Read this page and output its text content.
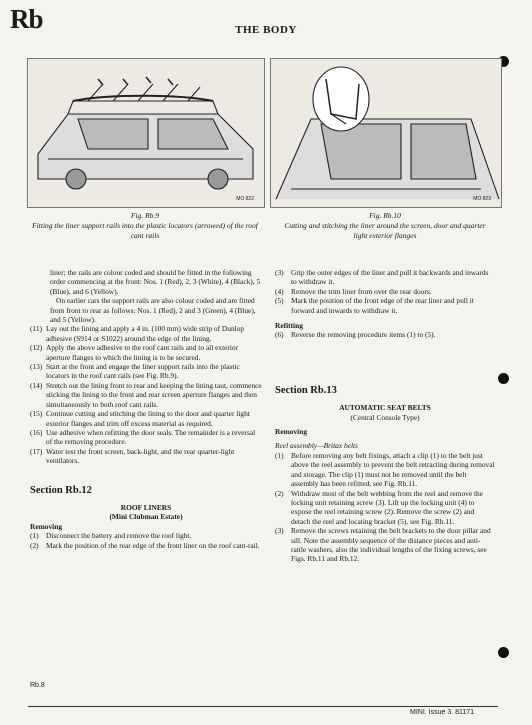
Rb	THE BODY
MO 822
Fig. Rb.9
Fitting the liner support rails into the plastic locators (arrowed) of the roof cant rails
MO 823
Fig. Rb.10
Cutting and stitching the liner around the screen, door and quarter light exterior flanges
liner; the rails are colour coded and should be fitted in the following order commencing at the front: Nos. 1 (Red), 2, 3 (White), 4 (Black), 5 (Blue), and 6 (Yellow).
On earlier cars the support rails are also colour coded and are fitted from front to rear as follows: Nos. 1 (Red), 2 and 3 (Green), 4 (Blue), and 5 (Yellow).
(11) Lay out the lining and apply a 4 in. (100 mm) wide strip of Dunlop adhesive (S914 or S1022) around the edge of the lining.
(12) Apply the above adhesive to the roof cant rails and to all exterior aperture flanges to which the lining is to be secured.
(13) Start at the front and engage the liner support rails into the plastic locators in the roof cant rails (see Fig. Rb.9).
(14) Stretch out the lining front to rear and keeping the lining taut, commence sticking the lining to the front and rear screen aperture flanges and then simultaneously to both roof cant rails.
(15) Continue cutting and stitching the lining to the door and quarter light exterior flanges and trim off excess material as required.
(16) Use adhesive when refitting the door seals. The remainder is a reversal of the removing procedure.
(17) Water test the front screen, back-light, and the rear quarter-light ventilators.
Section Rb.12
ROOF LINERS
(Mini Clubman Estate)
Removing
(1) Disconnect the battery and remove the roof light.
(2) Mark the position of the rear edge of the front liner on the roof cant-rail.
(3) Grip the outer edges of the liner and pull it backwards and inwards to withdraw it.
(4) Remove the trim liner from over the rear doors.
(5) Mark the position of the front edge of the rear liner and pull it forward and inwards to withdraw it.
Refitting
(6) Reverse the removing procedure items (1) to (5).
Section Rb.13
AUTOMATIC SEAT BELTS
(Central Console Type)
Removing
Reel assembly—Britax belts
(1) Before removing any belt fixings, attach a clip (1) to the belt just above the reel assembly to prevent the belt retracting during removal and storage. The clip (1) must not be removed until the belt assembly has been refitted, see Fig. Rb.11.
(2) Withdraw most of the belt webbing from the reel and remove the locking unit retaining screw (3). Lift up the locking unit (4) to expose the reel retaining screw (2). Remove the screw (2) and detach the reel and locating bracket (5), see Fig. Rb.11.
(3) Remove the screws retaining the belt brackets to the door pillar and sill. Note the assembly sequence of the distance pieces and anti-rattle washers, also the individual lengths of the fixing screws, see Figs. Rb.11 and Rb.12.
Rb.8
MINI. Issue 3. 81171
